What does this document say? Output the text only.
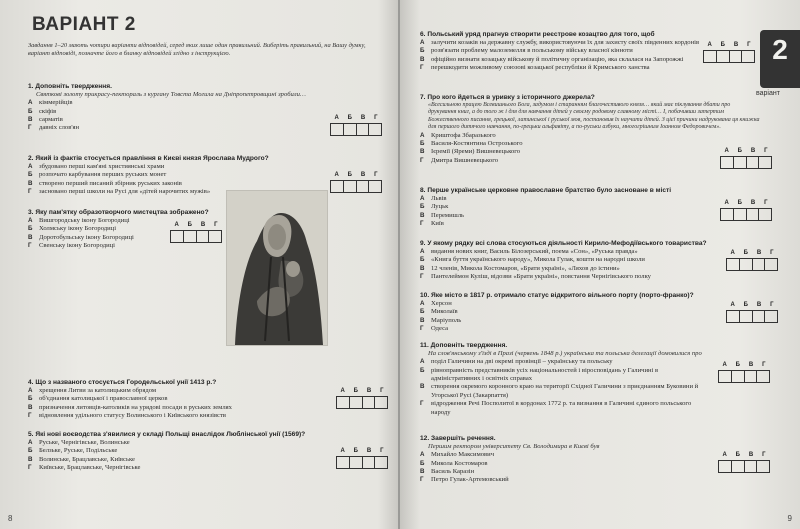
ВАРІАНТ 2
Завдання 1–20 мають чотири варіанти відповідей, серед яких лише один правильний. Виберіть правильний, на Вашу думку, варіант відповіді, позначте його в бланку відповідей згідно з інструкцією.
1. Доповніть твердження.
Святкові золоту прикрасу-пектораль з кургану Товста Могила на Дніпропетровщині зробили…
А кіммерійців
Б скіфів
В сарматів
Г	давніх слов'ян
А Б В Г
2. Який із фактів стосується правління в Києві князя Ярослава Мудрого?
А збудовано перші кам'яні християнські храми
Б розпочато карбування перших руських монет
В створено перший писаний збірник руських законів
Г	засновано перші школи на Русі для «дітей нарочитих мужів»
А Б В Г
3. Яку пам'ятку образотворчого мистецтва зображено?
А Вишгородську ікону Богородиці
Б Холмську ікону Богородиці
В Доротобульську ікону Богородиці
Г	Свенську ікону Богородиці
А Б В Г
4. Що з названого стосується Городельської унії 1413 р.?
А хрещення Литви за католицьким обрядом
Б об'єднання католицької і православної церков
В призначення литовців-католиків на урядові посади в руських землях
Г	відновлення удільного статусу Волинського і Київського князівств
А Б В Г
5. Які нові воєводства з'явилися у складі Польщі внаслідок Люблінської унії (1569)?
А Руське, Чернігівське, Волинське
Б Белзьке, Руське, Подільське
В Волинське, Брацлавське, Київське
Г	Київське, Брацлавське, Чернігівське
А Б В Г
8
2
варіант
6. Польський уряд прагнув створити реєстрове козацтво для того, щоб
А залучити козаків на державну службу, використовуючи їх для захисту своїх південних кордонів
Б розв'язати проблему малоземелля в польському війську власної кінноти
В офіційно визнати козацьку військову й політичну організацію, яка склалася на Запорожжі
Г	перешкодити можливому союзові козацької республіки й Кримського ханства
А Б В Г
7. Про кого йдеться в уривку з історичного джерела?
«Всесильною працею Всевишнього Бога, задумом і старанням благочестивого князя… який має піклування дбати про друкування книг, а до того ж і для для навчання дітей у своєму родовому славному місті… І, побачивши затертим Божественного писання, грецької, латинської і руської мов, постановив їх научити дітей. З цієї причини надрукована ця книжка для першого дитячого навчання, по-грецьки альфавіту, а по-руськи азбуки, многогрішним Іоанном Федоровичем».
А Криштофа Збаразького
Б Василя-Костянтина Острозького
В Ієремії (Яреми) Вишневецького
Г	Дмитра Вишневецького
А Б В Г
8. Перше українське церковне православне братство було засноване в місті
А Львів
Б Луцьк
В Перемишль
Г	Київ
А Б В Г
9. У якому рядку всі слова стосуються діяльності Кирило-Мефодіївського товариства?
А видання нових книг, Василь Білозерський, поема «Сон», «Руська правда»
Б «Книга буття українського народу», Микола Гулак, кошти на народні школи
В 12 членів, Микола Костомаров, «Брати україні», «Ляхов до істини»
Г	Пантелеймон Куліш, відозви «Брати україні», повстання Чернігівського полку
А Б В Г
10. Яке місто в 1817 р. отримало статус відкритого вільного порту (порто-франко)?
А Херсон
Б Миколаїв
В Маріуполь
Г	Одеса
А Б В Г
11. Доповніть твердження.
На слов'янському з'їзді в Празі (червень 1848 р.) українська та польська делегації домовилися про
А поділ Галичини на дві окремі провінції – українську та польську
Б рівноправність представників усіх національностей і віросповідань у Галичині в адміністративних і освітніх справах
В створення окремого коронного краю на території Східної Галичини з приєднанням Буковини й Угорської Русі (Закарпаття)
Г	відродження Речі Посполитої в кордонах 1772 р. та визнання в Галичині єдиного польського народу
А Б В Г
12. Завершіть речення.
Першим ректором університету Св. Володимира в Києві був
А Михайло Максимович
Б Микола Костомаров
В Василь Каразін
Г	Петро Гулак-Артемовський
А Б В Г
9
